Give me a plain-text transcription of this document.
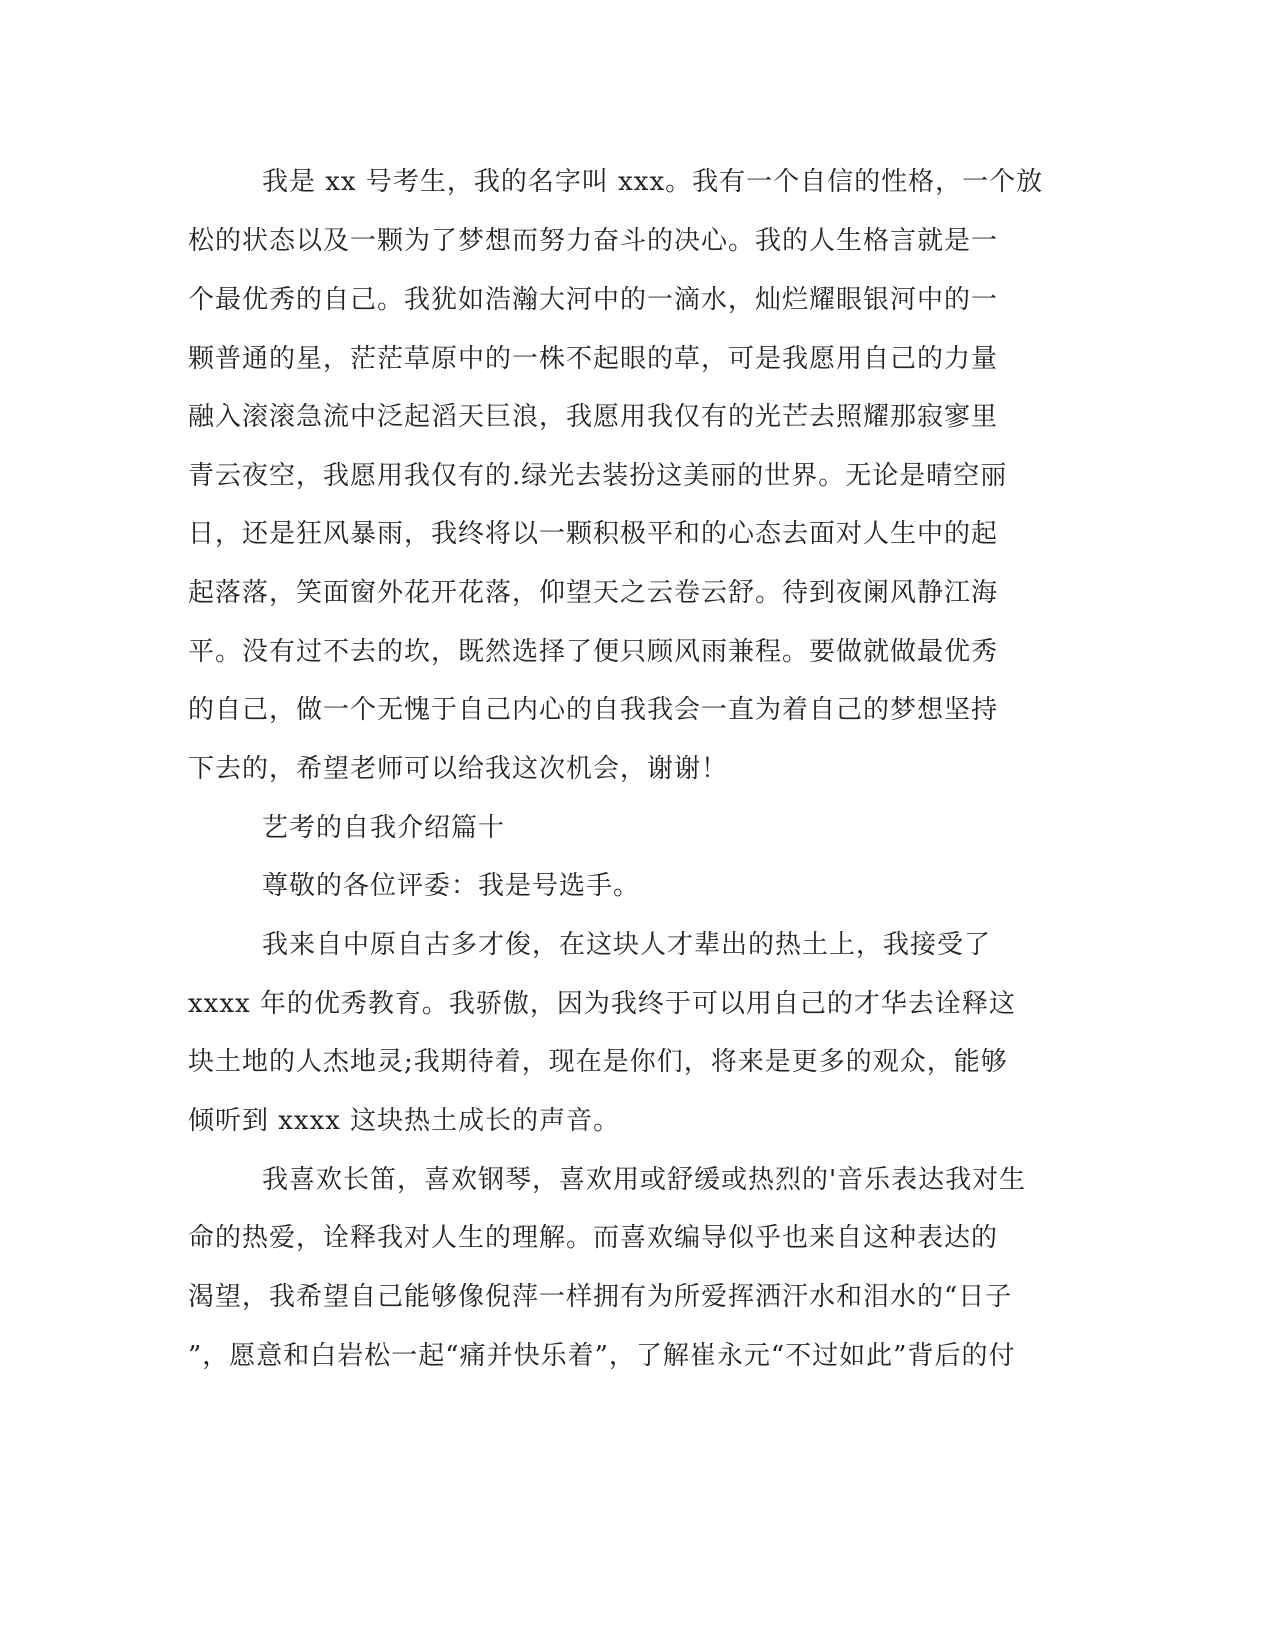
我是 xx 号考生，我的名字叫 xxx。我有一个自信的性格，一个放
松的状态以及一颗为了梦想而努力奋斗的决心。我的人生格言就是一
个最优秀的自己。我犹如浩瀚大河中的一滴水，灿烂耀眼银河中的一
颗普通的星，茫茫草原中的一株不起眼的草，可是我愿用自己的力量
融入滚滚急流中泛起滔天巨浪，我愿用我仅有的光芒去照耀那寂寥里
青云夜空，我愿用我仅有的.绿光去装扮这美丽的世界。无论是晴空丽
日，还是狂风暴雨，我终将以一颗积极平和的心态去面对人生中的起
起落落，笑面窗外花开花落，仰望天之云卷云舒。待到夜阑风静江海
平。没有过不去的坎，既然选择了便只顾风雨兼程。要做就做最优秀
的自己，做一个无愧于自己内心的自我我会一直为着自己的梦想坚持
下去的，希望老师可以给我这次机会，谢谢！
艺考的自我介绍篇十
尊敬的各位评委：我是号选手。
我来自中原自古多才俊，在这块人才辈出的热土上，我接受了
xxxx 年的优秀教育。我骄傲，因为我终于可以用自己的才华去诠释这
块土地的人杰地灵;我期待着，现在是你们，将来是更多的观众，能够
倾听到 xxxx 这块热土成长的声音。
我喜欢长笛，喜欢钢琴，喜欢用或舒缓或热烈的'音乐表达我对生
命的热爱，诠释我对人生的理解。而喜欢编导似乎也来自这种表达的
渴望，我希望自己能够像倪萍一样拥有为所爱挥洒汗水和泪水的“日子
”，愿意和白岩松一起“痛并快乐着”，了解崔永元“不过如此”背后的付
